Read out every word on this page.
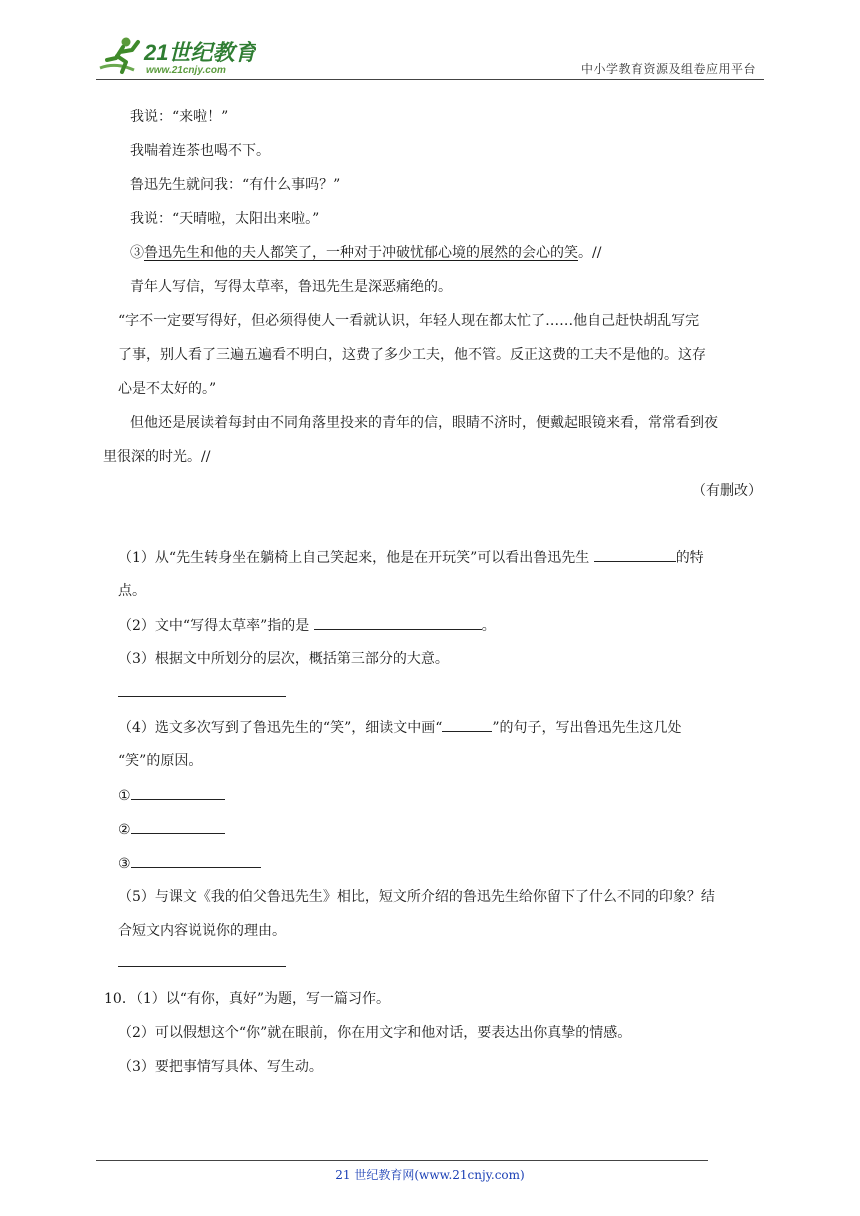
21世纪教育
www.21cnjy.com	中小学教育资源及组卷应用平台
我说：“来啦！”
我喘着连茶也喝不下。
鲁迅先生就问我：“有什么事吗？”
我说：“天晴啦，太阳出来啦。”
③鲁迅先生和他的夫人都笑了，一种对于冲破忧郁心境的展然的会心的笑。//
青年人写信，写得太草率，鲁迅先生是深恶痛绝的。
“字不一定要写得好，但必须得使人一看就认识，年轻人现在都太忙了……他自己赶快胡乱写完
了事，别人看了三遍五遍看不明白，这费了多少工夫，他不管。反正这费的工夫不是他的。这存
心是不太好的。”
但他还是展读着每封由不同角落里投来的青年的信，眼睛不济时，便戴起眼镜来看，常常看到夜
里很深的时光。//
（有删改）
（1）从“先生转身坐在躺椅上自己笑起来，他是在开玩笑”可以看出鲁迅先生	的特
点。
（2）文中“写得太草率”指的是	。
（3）根据文中所划分的层次，概括第三部分的大意。
（4）选文多次写到了鲁迅先生的“笑”，细读文中画“	”的句子，写出鲁迅先生这几处
“笑”的原因。
①
②
③
（5）与课文《我的伯父鲁迅先生》相比，短文所介绍的鲁迅先生给你留下了什么不同的印象？结
合短文内容说说你的理由。
10．（1）以“有你，真好”为题，写一篇习作。
（2）可以假想这个“你”就在眼前，你在用文字和他对话，要表达出你真挚的情感。
（3）要把事情写具体、写生动。
21 世纪教育网(www.21cnjy.com)
